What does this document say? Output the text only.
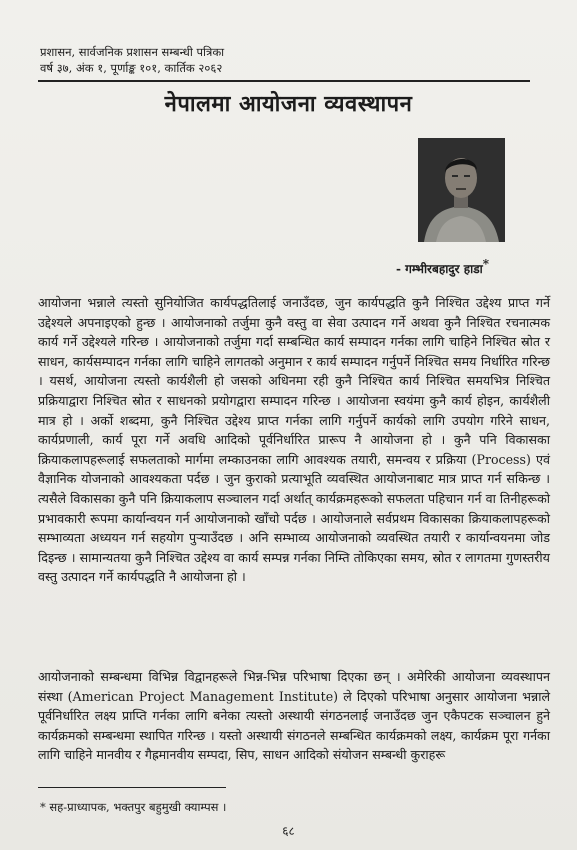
प्रशासन, सार्वजनिक प्रशासन सम्बन्धी पत्रिका
वर्ष ३७, अंक १, पूर्णाङ्क १०१, कार्तिक २०६२
नेपालमा आयोजना व्यवस्थापन
- गम्भीरबहादुर हाडा*
आयोजना भन्नाले त्यस्तो सुनियोजित कार्यपद्धतिलाई जनाउँदछ, जुन कार्यपद्धति कुनै निश्चित उद्देश्य प्राप्त गर्ने उद्देश्यले अपनाइएको हुन्छ । आयोजनाको तर्जुमा कुनै वस्तु वा सेवा उत्पादन गर्ने अथवा कुनै निश्चित रचनात्मक कार्य गर्ने उद्देश्यले गरिन्छ । आयोजनाको तर्जुमा गर्दा सम्बन्धित कार्य सम्पादन गर्नका लागि चाहिने निश्चित स्रोत र साधन, कार्यसम्पादन गर्नका लागि चाहिने लागतको अनुमान र कार्य सम्पादन गर्नुपर्ने निश्चित समय निर्धारित गरिन्छ । यसर्थ, आयोजना त्यस्तो कार्यशैली हो जसको अधिनमा रही कुनै निश्चित कार्य निश्चित समयभित्र निश्चित प्रक्रियाद्वारा निश्चित स्रोत र साधनको प्रयोगद्वारा सम्पादन गरिन्छ । आयोजना स्वयंमा कुनै कार्य होइन, कार्यशैली मात्र हो । अर्को शब्दमा, कुनै निश्चित उद्देश्य प्राप्त गर्नका लागि गर्नुपर्ने कार्यको लागि उपयोग गरिने साधन, कार्यप्रणाली, कार्य पूरा गर्ने अवधि आदिको पूर्वनिर्धारित प्रारूप नै आयोजना हो । कुनै पनि विकासका क्रियाकलापहरूलाई सफलताको मार्गमा लम्काउनका लागि आवश्यक तयारी, समन्वय र प्रक्रिया (Process) एवं वैज्ञानिक योजनाको आवश्यकता पर्दछ । जुन कुराको प्रत्याभूति व्यवस्थित आयोजनाबाट मात्र प्राप्त गर्न सकिन्छ । त्यसैले विकासका कुनै पनि क्रियाकलाप सञ्चालन गर्दा अर्थात् कार्यक्रमहरूको सफलता पहिचान गर्न वा तिनीहरूको प्रभावकारी रूपमा कार्यान्वयन गर्न आयोजनाको खाँचो पर्दछ । आयोजनाले सर्वप्रथम विकासका क्रियाकलापहरूको सम्भाव्यता अध्ययन गर्न सहयोग पुऱ्याउँदछ । अनि सम्भाव्य आयोजनाको व्यवस्थित तयारी र कार्यान्वयनमा जोड दिइन्छ । सामान्यतया कुनै निश्चित उद्देश्य वा कार्य सम्पन्न गर्नका निम्ति तोकिएका समय, स्रोत र लागतमा गुणस्तरीय वस्तु उत्पादन गर्ने कार्यपद्धति नै आयोजना हो ।
आयोजनाको सम्बन्धमा विभिन्न विद्वानहरूले भिन्न-भिन्न परिभाषा दिएका छन् । अमेरिकी आयोजना व्यवस्थापन संस्था (American Project Management Institute) ले दिएको परिभाषा अनुसार आयोजना भन्नाले पूर्वनिर्धारित लक्ष्य प्राप्ति गर्नका लागि बनेका त्यस्तो अस्थायी संगठनलाई जनाउँदछ जुन एकैपटक सञ्चालन हुने कार्यक्रमको सम्बन्धमा स्थापित गरिन्छ । यस्तो अस्थायी संगठनले सम्बन्धित कार्यक्रमको लक्ष्य, कार्यक्रम पूरा गर्नका लागि चाहिने मानवीय र गैह्रमानवीय सम्पदा, सिप, साधन आदिको संयोजन सम्बन्धी कुराहरू
* सह-प्राध्यापक, भक्तपुर बहुमुखी क्याम्पस ।
६८
